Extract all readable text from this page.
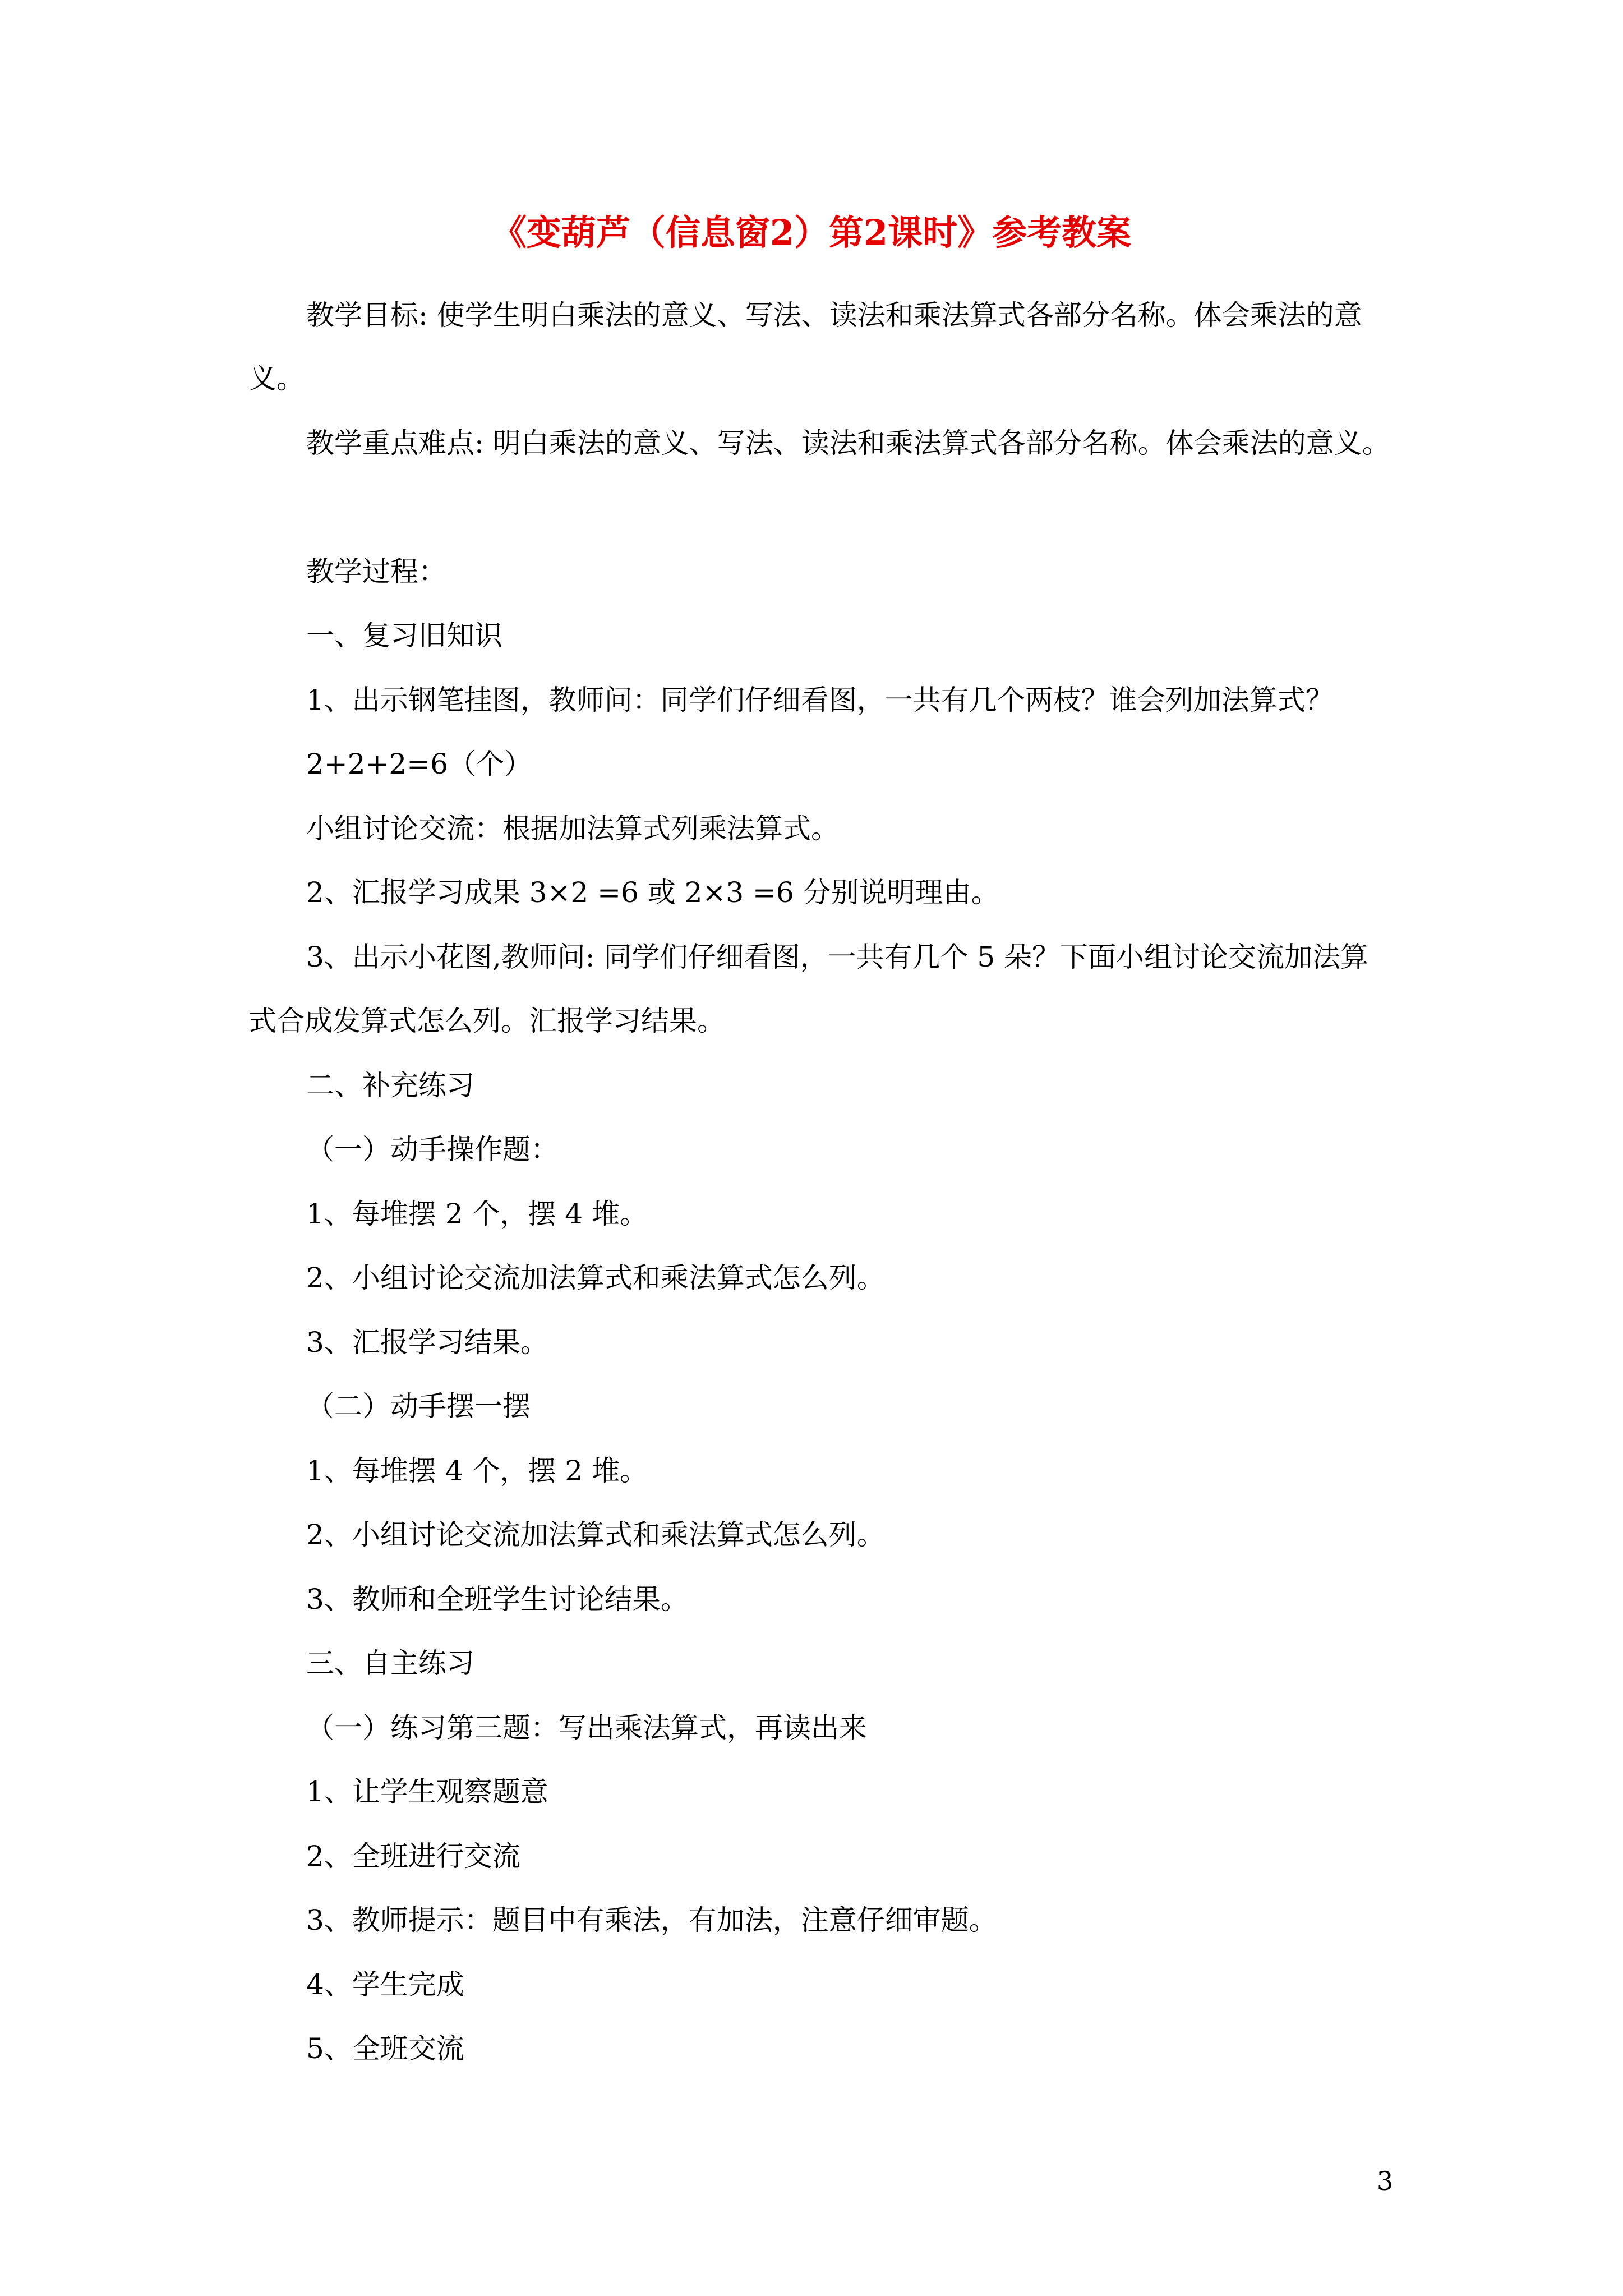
《变葫芦（信息窗2）第2课时》参考教案

教学目标: 使学生明白乘法的意义、写法、读法和乘法算式各部分名称。体会乘法的意

义。

教学重点难点: 明白乘法的意义、写法、读法和乘法算式各部分名称。体会乘法的意义。

教学过程：

一、复习旧知识

1、出示钢笔挂图，教师问：同学们仔细看图，一共有几个两枝？谁会列加法算式？

2+2+2=6（个）

小组讨论交流：根据加法算式列乘法算式。

2、汇报学习成果 3×2 =6 或 2×3 =6 分别说明理由。

3、出示小花图,教师问: 同学们仔细看图，一共有几个 5 朵？下面小组讨论交流加法算

式合成发算式怎么列。汇报学习结果。

二、补充练习

（一）动手操作题：

1、每堆摆 2 个，摆 4 堆。

2、小组讨论交流加法算式和乘法算式怎么列。

3、汇报学习结果。

（二）动手摆一摆

1、每堆摆 4 个，摆 2 堆。

2、小组讨论交流加法算式和乘法算式怎么列。

3、教师和全班学生讨论结果。

三、自主练习

（一）练习第三题：写出乘法算式，再读出来

1、让学生观察题意

2、全班进行交流

3、教师提示：题目中有乘法，有加法，注意仔细审题。

4、学生完成

5、全班交流

3
